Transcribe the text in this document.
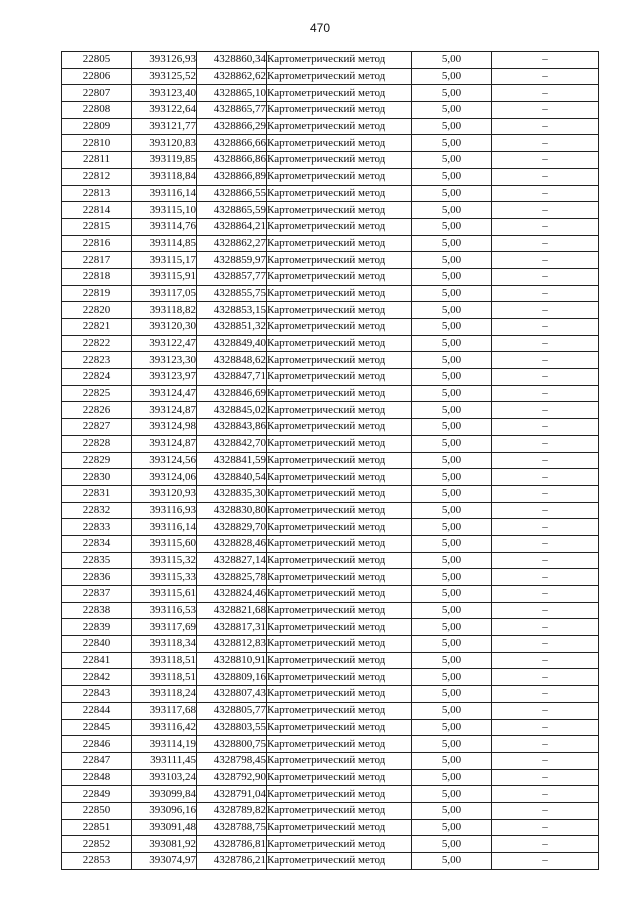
470
22805	393126,93	4328860,34	Картометрический метод	5,00	–
22806	393125,52	4328862,62	Картометрический метод	5,00	–
22807	393123,40	4328865,10	Картометрический метод	5,00	–
22808	393122,64	4328865,77	Картометрический метод	5,00	–
22809	393121,77	4328866,29	Картометрический метод	5,00	–
22810	393120,83	4328866,66	Картометрический метод	5,00	–
22811	393119,85	4328866,86	Картометрический метод	5,00	–
22812	393118,84	4328866,89	Картометрический метод	5,00	–
22813	393116,14	4328866,55	Картометрический метод	5,00	–
22814	393115,10	4328865,59	Картометрический метод	5,00	–
22815	393114,76	4328864,21	Картометрический метод	5,00	–
22816	393114,85	4328862,27	Картометрический метод	5,00	–
22817	393115,17	4328859,97	Картометрический метод	5,00	–
22818	393115,91	4328857,77	Картометрический метод	5,00	–
22819	393117,05	4328855,75	Картометрический метод	5,00	–
22820	393118,82	4328853,15	Картометрический метод	5,00	–
22821	393120,30	4328851,32	Картометрический метод	5,00	–
22822	393122,47	4328849,40	Картометрический метод	5,00	–
22823	393123,30	4328848,62	Картометрический метод	5,00	–
22824	393123,97	4328847,71	Картометрический метод	5,00	–
22825	393124,47	4328846,69	Картометрический метод	5,00	–
22826	393124,87	4328845,02	Картометрический метод	5,00	–
22827	393124,98	4328843,86	Картометрический метод	5,00	–
22828	393124,87	4328842,70	Картометрический метод	5,00	–
22829	393124,56	4328841,59	Картометрический метод	5,00	–
22830	393124,06	4328840,54	Картометрический метод	5,00	–
22831	393120,93	4328835,30	Картометрический метод	5,00	–
22832	393116,93	4328830,80	Картометрический метод	5,00	–
22833	393116,14	4328829,70	Картометрический метод	5,00	–
22834	393115,60	4328828,46	Картометрический метод	5,00	–
22835	393115,32	4328827,14	Картометрический метод	5,00	–
22836	393115,33	4328825,78	Картометрический метод	5,00	–
22837	393115,61	4328824,46	Картометрический метод	5,00	–
22838	393116,53	4328821,68	Картометрический метод	5,00	–
22839	393117,69	4328817,31	Картометрический метод	5,00	–
22840	393118,34	4328812,83	Картометрический метод	5,00	–
22841	393118,51	4328810,91	Картометрический метод	5,00	–
22842	393118,51	4328809,16	Картометрический метод	5,00	–
22843	393118,24	4328807,43	Картометрический метод	5,00	–
22844	393117,68	4328805,77	Картометрический метод	5,00	–
22845	393116,42	4328803,55	Картометрический метод	5,00	–
22846	393114,19	4328800,75	Картометрический метод	5,00	–
22847	393111,45	4328798,45	Картометрический метод	5,00	–
22848	393103,24	4328792,90	Картометрический метод	5,00	–
22849	393099,84	4328791,04	Картометрический метод	5,00	–
22850	393096,16	4328789,82	Картометрический метод	5,00	–
22851	393091,48	4328788,75	Картометрический метод	5,00	–
22852	393081,92	4328786,81	Картометрический метод	5,00	–
22853	393074,97	4328786,21	Картометрический метод	5,00	–
